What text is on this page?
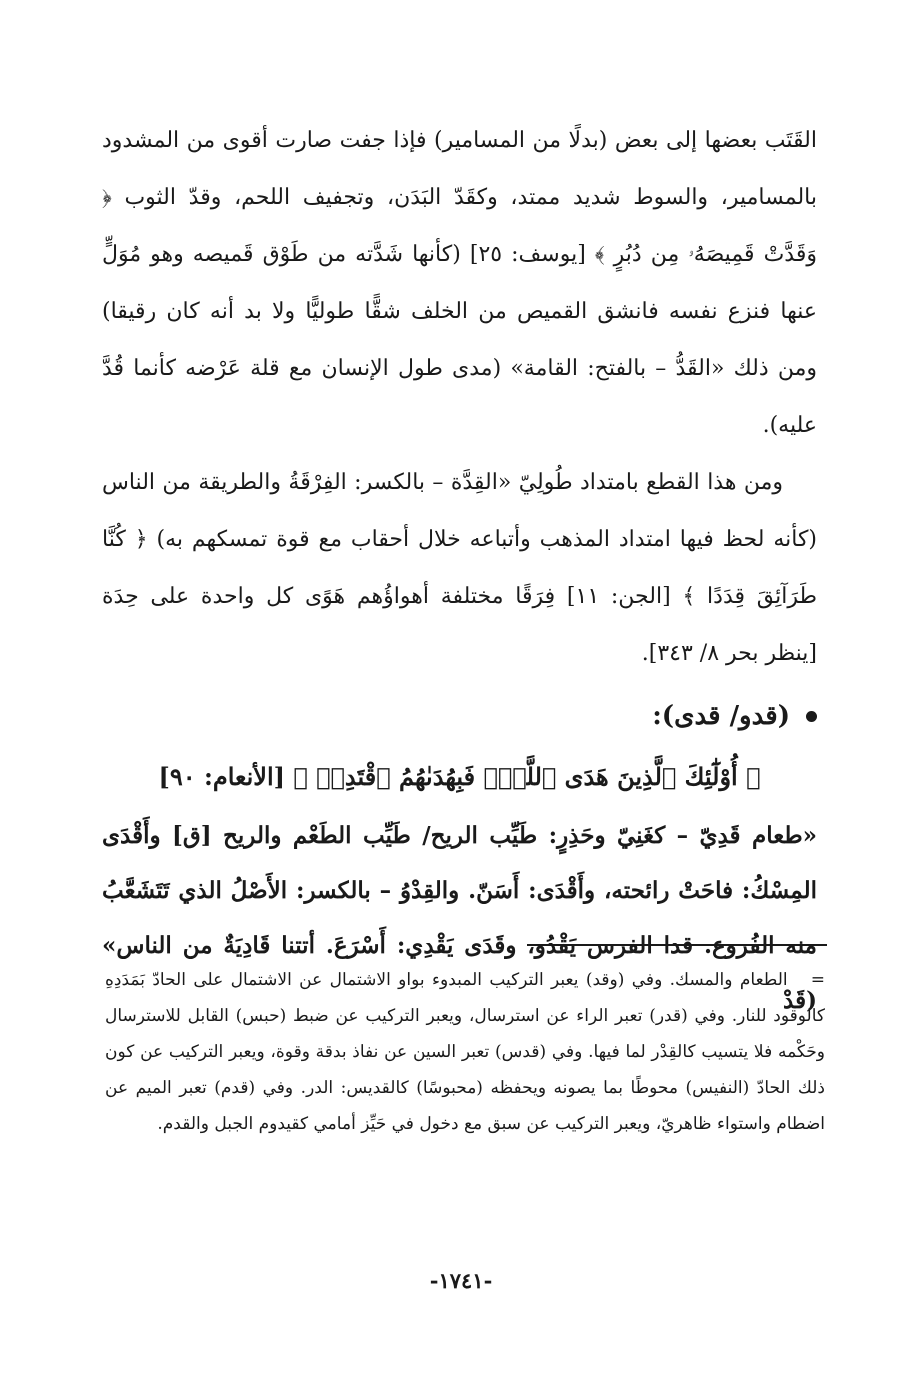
القَتَب بعضها إلى بعض (بدلًا من المسامير) فإذا جفت صارت أقوى من المشدود بالمسامير، والسوط شديد ممتد، وكقَدّ البَدَن، وتجفيف اللحم، وقدّ الثوب ﴿ وَقَدَّتْ قَمِيصَهُۥ مِن دُبُرٍ ﴾ [يوسف: ٢٥] (كأنها شَدَّته من طَوْق قَميصه وهو مُوَلٍّ عنها فنزع نفسه فانشق القميص من الخلف شقًّا طوليًّا ولا بد أنه كان رقيقا) ومن ذلك «القَدُّ – بالفتح: القامة» (مدى طول الإنسان مع قلة عَرْضه كأنما قُدَّ عليه).

ومن هذا القطع بامتداد طُولِيّ «القِدَّة – بالكسر: الفِرْقَةُ والطريقة من الناس (كأنه لحظ فيها امتداد المذهب وأتباعه خلال أحقاب مع قوة تمسكهم به) ﴿ كُنَّا طَرَآئِقَ قِدَدًا ﴾ [الجن: ١١] فِرَقًا مختلفة أهواؤُهم هَوًى كل واحدة على حِدَة [ينظر بحر ٨/ ٣٤٣].

(قدو/ قدى):

﴿ أُوْلَٰٓئِكَ ٱلَّذِينَ هَدَى ٱللَّهُۖ فَبِهُدَىٰهُمُ ٱقْتَدِهۡ ﴾ [الأنعام: ٩٠]

«طعام قَدِيّ – كغَنِيّ وحَذِرٍ: طَيِّب الريح/ طَيِّب الطَعْم والريح [ق] وأَقْدَى المِسْكُ: فاحَتْ رائحته، وأَقْدَى: أَسَنّ. والقِدْوُ – بالكسر: الأَصْلُ الذي تَتَشَعَّبُ منه الفُروع. قدا الفرس يَقْدُو، وقَدَى يَقْدِي: أَسْرَعَ. أتتنا قَادِيَةٌ من الناس» (قَدْ

= الطعام والمسك. وفي (وقد) يعبر التركيب المبدوء بواو الاشتمال عن الاشتمال على الحادّ بَمَدَدِهِ كالوقود للنار. وفي (قدر) تعبر الراء عن استرسال، ويعبر التركيب عن ضبط (حبس) القابل للاسترسال وحَكْمه فلا يتسيب كالقِدْر لما فيها. وفي (قدس) تعبر السين عن نفاذ بدقة وقوة، ويعبر التركيب عن كون ذلك الحادّ (النفيس) محوطًا بما يصونه ويحفظه (محبوسًا) كالقديس: الدر. وفي (قدم) تعبر الميم عن اضطام واستواء ظاهريّ، ويعبر التركيب عن سبق مع دخول في حَيِّز أمامي كقيدوم الجبل والقدم.

-١٧٤١-
